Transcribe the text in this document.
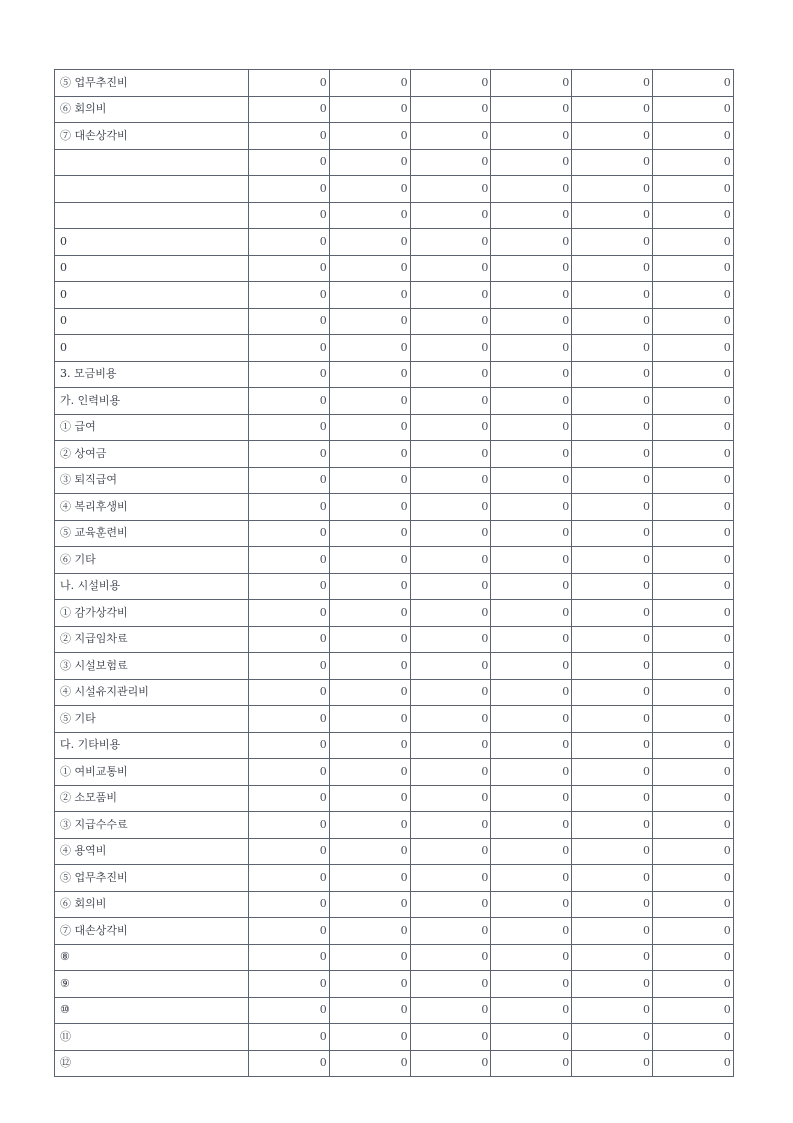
⑤ 업무추진비	0	0	0	0	0	0
⑥ 회의비	0	0	0	0	0	0
⑦ 대손상각비	0	0	0	0	0	0
	0	0	0	0	0	0
	0	0	0	0	0	0
	0	0	0	0	0	0
0	0	0	0	0	0	0
0	0	0	0	0	0	0
0	0	0	0	0	0	0
0	0	0	0	0	0	0
0	0	0	0	0	0	0
3. 모금비용	0	0	0	0	0	0
가. 인력비용	0	0	0	0	0	0
① 급여	0	0	0	0	0	0
② 상여금	0	0	0	0	0	0
③ 퇴직급여	0	0	0	0	0	0
④ 복리후생비	0	0	0	0	0	0
⑤ 교육훈련비	0	0	0	0	0	0
⑥ 기타	0	0	0	0	0	0
나. 시설비용	0	0	0	0	0	0
① 감가상각비	0	0	0	0	0	0
② 지급임차료	0	0	0	0	0	0
③ 시설보험료	0	0	0	0	0	0
④ 시설유지관리비	0	0	0	0	0	0
⑤ 기타	0	0	0	0	0	0
다. 기타비용	0	0	0	0	0	0
① 여비교통비	0	0	0	0	0	0
② 소모품비	0	0	0	0	0	0
③ 지급수수료	0	0	0	0	0	0
④ 용역비	0	0	0	0	0	0
⑤ 업무추진비	0	0	0	0	0	0
⑥ 회의비	0	0	0	0	0	0
⑦ 대손상각비	0	0	0	0	0	0
⑧	0	0	0	0	0	0
⑨	0	0	0	0	0	0
⑩	0	0	0	0	0	0
⑪	0	0	0	0	0	0
⑫	0	0	0	0	0	0
